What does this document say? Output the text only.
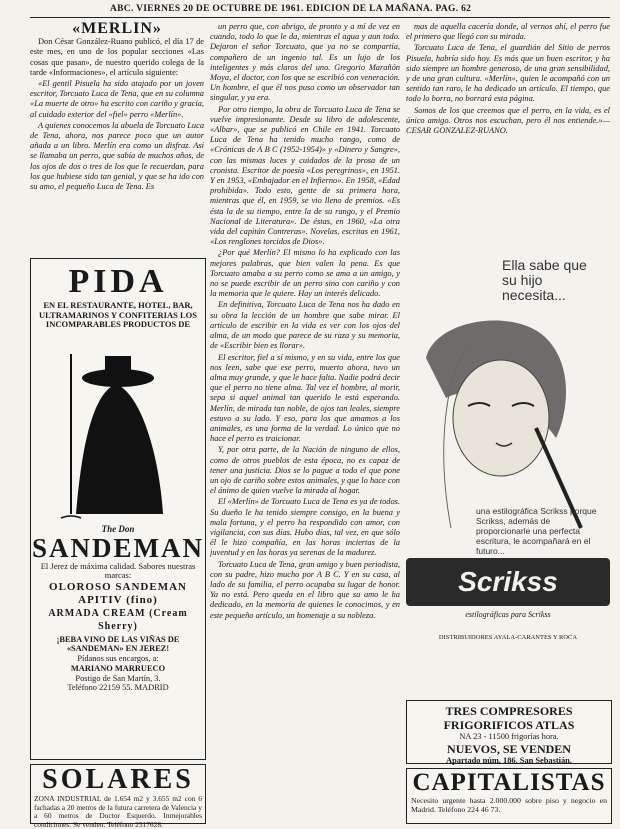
ABC. VIERNES 20 DE OCTUBRE DE 1961. EDICION DE LA MAÑANA. PAG. 62
«MERLIN»

Don César González-Ruano publicó, el día 17 de este mes, en uno de los popular secciones «Las cosas que pasan», de nuestro querido colega de la tarde «Informaciones», el artículo siguiente:

«El gentil Pisuela ha sido atajado por un joven escritor, Torcuato Luca de Tena, que en su columna «La muerte de otro» ha escrito con cariño y gracia, al cuidado exterior del «fiel» perro «Merlín».

A quienes conocemos la abuela de Torcuato Luca de Tena, ahora, nos parece poco que un autor añada a un libro. Merlín era como un disfraz. Así se llamaba un perro, que sabía de muchos años, de los ojos de dos o tres de los que le recuerdan, para los que hubiese sido tan genial, y que se ha ido con su amo, el pequeño Luca de Tena. Es

PIDA
EN EL RESTAURANTE, HOTEL, BAR, ULTRAMARINOS Y CONFITERIAS LOS INCOMPARABLES PRODUCTOS DE
The Don
SANDEMAN
El Jerez de máxima calidad. Sabores nuestras marcas:
OLOROSO SANDEMAN
APITIV (fino)
ARMADA CREAM (Cream Sherry)
¡BEBA VINO DE LAS VIÑAS DE «SANDEMAN» EN JEREZ!
Pídanos sus encargos, a:
MARIANO MARRUECO
Postigo de San Martín, 3.
Teléfono 22159 55. MADRID
SOLARES
ZONA INDUSTRIAL de 1.654 m2 y 3.655 m2 con 6 fachadas a 20 metros de la futura carretera de Valencia y a 60 metros de Doctor Esquerdo. Inmejorables condiciones. Se venden. Teléfono 2517628.

un perro que, con abrigo, de pronto y a mí de vez en cuando, todo lo que le da, mientras el agua y aun todo. Dejaron el señor Torcuato, que ya no se compartía, compañero de un ingenio tal. Es un lujo de los inteligentes y más claros del uno. Gregorio Marañón Moya, el doctor, con los que se escribió con veneración. Un hombre, el que él nos puso como un observador tan singular, y ya era.

Por otro tiempo, la obra de Torcuato Luca de Tena se vuelve impresionante. Desde su libro de adolescente, «Albar», que se publicó en Chile en 1941. Torcuato Luca de Tena ha tenido mucho rango, como de «Crónicas de A B C (1952-1954)» y «Dinero y Sangre», con las mismas luces y cuidados de la prosa de un cronista. Escritor de poesía «Los peregrinos», en 1951. Y en 1953, «Embajador en el Infierno». En 1958, «Edad prohibida». Todo esto, gente de su primera hora, mientras que él, en 1959, se vio lleno de premios. «Es ésta la de su tiempo, entre la de su rango, y el Premio Nacional de Literatura». De éstas, en 1960, «La otra vida del capitán Contreras». Novelas, escritas en 1961, «Los renglones torcidos de Dios».

¿Por qué Merlín? El mismo lo ha explicado con las mejores palabras, que bien valen la pena. Es que Torcuato amaba a su perro como se ama a un amigo, y no se puede escribir de un perro sino con cariño y con la memoria que le quiere. Hay un interés delicado.

En definitiva, Torcuato Luca de Tena nos ha dado en su obra la lección de un hombre que sabe mirar. El artículo de escribir en la vida es ver con los ojos del alma, de un modo que parece de su raza y su memoria, de «Escribir bien es llorar».

El escritor, fiel a sí mismo, y en su vida, entre los que nos leen, sabe que ese perro, muerto ahora, tuvo un alma muy grande, y que le hace falta. Nadie podrá decir que el perro no tiene alma. Tal vez el hombre, al morir, sepa si aquel animal tan querido le está esperando. Merlín, de mirada tan noble, de ojos tan leales, siempre estuvo a su lado. Y eso, para los que amamos a los animales, es una forma de la verdad. Lo único que no hace el perro es traicionar.

Y, por otra parte, de la Nación de ninguno de ellos, como de otros pueblos de esta época, no es capaz de tener una justicia. Dios se lo pague a todo el que pone un ojo de cariño sobre estos animales, y que lo hace con el ánimo de quien vuelve la mirada al hogar.

El «Merlín» de Torcuato Luca de Tena es ya de todos. Su dueño le ha tenido siempre consigo, en la buena y mala fortuna, y el perro ha respondido con amor, con vigilancia, con sus días. Hubo días, tal vez, en que sólo él le hizo compañía, en las horas inciertas de la juventud y en las horas ya serenas de la madurez.

Torcuato Luca de Tena, gran amigo y buen periodista, con su padre, hizo mucho por A B C. Y en su casa, al lado de su familia, el perro ocupaba su lugar de honor. Ya no está. Pero queda en el libro que su amo le ha dedicado, en la memoria de quienes le conocimos, y en este pequeño artículo, un homenaje a su nobleza.

mas de aquella cacería donde, al vernos ahí, el perro fue el primero que llegó con su mirada.

Torcuato Luca de Tena, el guardián del Sitio de perros Pisuela, habría sido hoy. Es más que un buen escritor, y ha sido siempre un hombre generoso, de una gran sensibilidad, y de una gran cultura. «Merlín», quien le acompañó con un sentido tan raro, le ha dedicado un artículo. El tiempo, que todo lo borra, no borrará esta página.

Somos de los que creemos que el perro, en la vida, es el único amigo. Otros nos escuchan, pero él nos entiende.»— CESAR GONZALEZ-RUANO.

Ella sabe que su hijo necesita...
una estilográfica Scrikss porque Scrikss, además de proporcionarle una perfecta escritura, le acompañará en el futuro...
Scrikss
estilográficas para Scrikss
DISTRIBUIDORES AYALA-CARANTES Y ROCA
TRES COMPRESORES FRIGORIFICOS ATLAS
NA 23 - 11500 frigorías hora.
NUEVOS, SE VENDEN
Apartado núm. 186. San Sebastián.
CAPITALISTAS
Necesito urgente hasta 2.000.000 sobre piso y negocio en Madrid. Teléfono 224 46 73.
